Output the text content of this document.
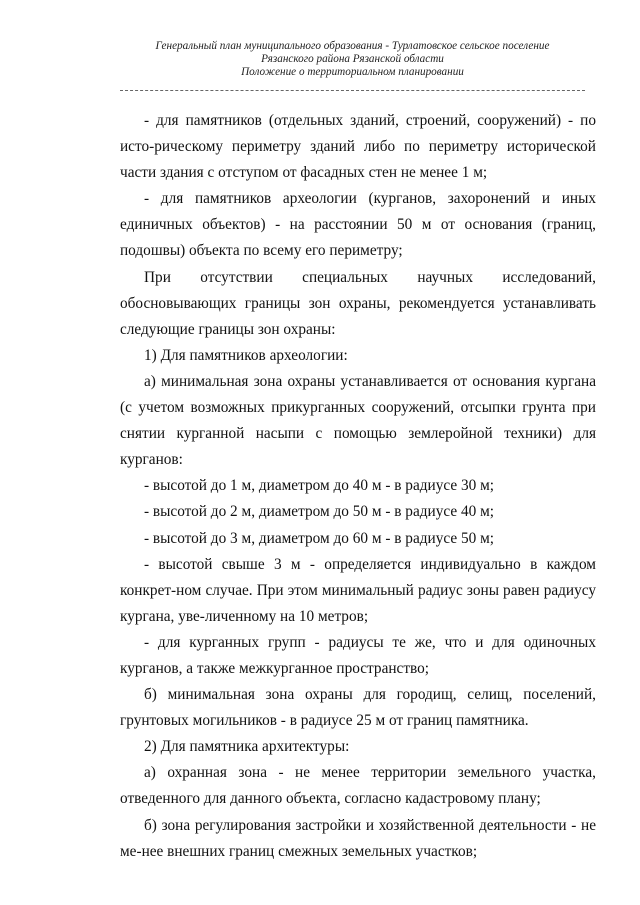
Генеральный план муниципального образования - Турлатовское сельское поселение
Рязанского района Рязанской области
Положение о территориальном планировании

- для памятников (отдельных зданий, строений, сооружений) - по исто-рическому периметру зданий либо по периметру исторической части здания с отступом от фасадных стен не менее 1 м;

- для памятников археологии (курганов, захоронений и иных единичных объектов) - на расстоянии 50 м от основания (границ, подошвы) объекта по всему его периметру;

При отсутствии специальных научных исследований, обосновывающих границы зон охраны, рекомендуется устанавливать следующие границы зон охраны:

1) Для памятников археологии:

а) минимальная зона охраны устанавливается от основания кургана (с учетом возможных прикурганных сооружений, отсыпки грунта при снятии курганной насыпи с помощью землеройной техники) для курганов:

- высотой до 1 м, диаметром до 40 м - в радиусе 30 м;

- высотой до 2 м, диаметром до 50 м - в радиусе 40 м;

- высотой до 3 м, диаметром до 60 м - в радиусе 50 м;

- высотой свыше 3 м - определяется индивидуально в каждом конкрет-ном случае. При этом минимальный радиус зоны равен радиусу кургана, уве-личенному на 10 метров;

- для курганных групп - радиусы те же, что и для одиночных курганов, а также межкурганное пространство;

б) минимальная зона охраны для городищ, селищ, поселений, грунтовых могильников - в радиусе 25 м от границ памятника.

2) Для памятника архитектуры:

а) охранная зона - не менее территории земельного участка, отведенного для данного объекта, согласно кадастровому плану;

б) зона регулирования застройки и хозяйственной деятельности - не ме-нее внешних границ смежных земельных участков;
